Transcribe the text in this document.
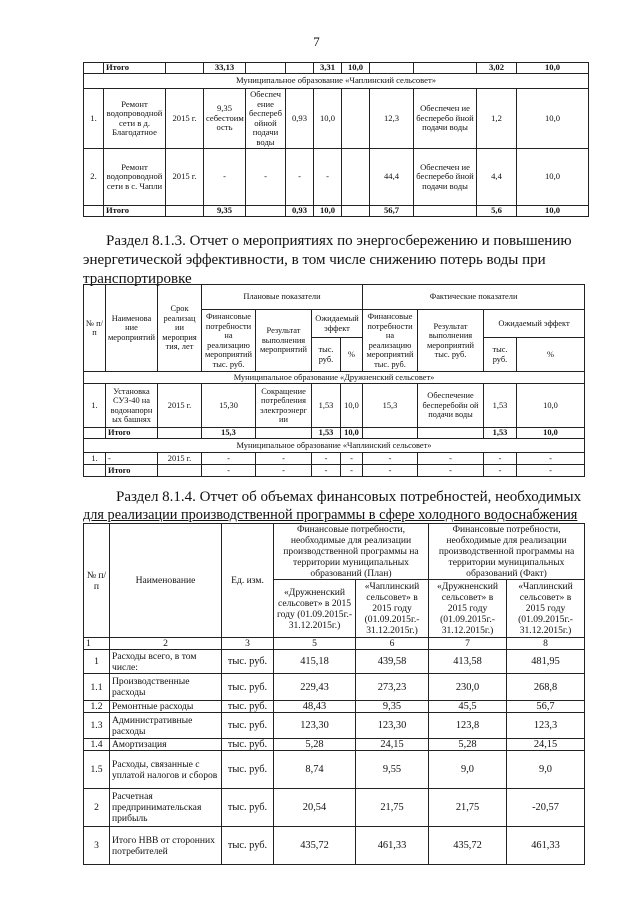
7
	Итого		33,13			3,31	10,0			3,02	10,0
Муниципальное образование «Чаплинский сельсовет»											
1.	Ремонт водопроводной сети в д. Благодатное	2015 г.	9,35 себестоим ость	Обеспеч ение беспереб ойной подачи воды	0,93	10,0		12,3	Обеспечен ие бесперебо йной подачи воды	1,2	10,0
2.	Ремонт водопроводной сети в с. Чапли	2015 г.	-	-	-	-		44,4	Обеспечен ие бесперебо йной подачи воды	4,4	10,0
	Итого		9,35		0,93	10,0		56,7		5,6	10,0
Раздел 8.1.3. Отчет о мероприятиях по энергосбережению и повышению
энергетической эффективности, в том числе снижению потерь воды при
транспортировке
№ п/п	Наименова ние мероприятий	Срок реализац ии мероприя тия, лет	Плановые показатели				Фактические показатели			
			Финансовые потребности на реализацию мероприятий тыс. руб.	Результат выполнения мероприятий	Ожидаемый эффект		Финансовые потребности на реализацию мероприятий тыс. руб.	Результат выполнения мероприятий тыс. руб.	Ожидаемый эффект	
					тыс. руб.	%			тыс. руб.	%
Муниципальное образование «Дружненский сельсовет»										
1.	Установка СУЗ-40 на водонапорн ых башнях	2015 г.	15,30	Сокращение потребления электроэнерг ии	1,53	10,0	15,3	Обеспечение бесперебойн ой подачи воды	1,53	10,0
	Итого		15,3		1,53	10,0			1,53	10,0
Муниципальное образование «Чаплинский сельсовет»										
1.	-	2015 г.	-	-	-	-	-	-	-	-
	Итого		-	-	-	-	-	-	-	-
Раздел 8.1.4. Отчет об объемах финансовых потребностей, необходимых
для реализации производственной программы в сфере холодного водоснабжения
№ п/п	Наименование	Ед. изм.	Финансовые потребности, необходимые для реализации производственной программы на территории муниципальных образований (План)		Финансовые потребности, необходимые для реализации производственной программы на территории муниципальных образований (Факт)	
			«Дружненский сельсовет» в 2015 году (01.09.2015г.- 31.12.2015г.)	«Чаплинский сельсовет» в 2015 году (01.09.2015г.- 31.12.2015г.)	«Дружненский сельсовет» в 2015 году (01.09.2015г.- 31.12.2015г.)	«Чаплинский сельсовет» в 2015 году (01.09.2015г.- 31.12.2015г.)
1	2	3	5	6	7	8
1	Расходы всего, в том числе:	тыс. руб.	415,18	439,58	413,58	481,95
1.1	Производственные расходы	тыс. руб.	229,43	273,23	230,0	268,8
1.2	Ремонтные расходы	тыс. руб.	48,43	9,35	45,5	56,7
1.3	Административные расходы	тыс. руб.	123,30	123,30	123,8	123,3
1.4	Амортизация	тыс. руб.	5,28	24,15	5,28	24,15
1.5	Расходы, связанные с уплатой налогов и сборов	тыс. руб.	8,74	9,55	9,0	9,0
2	Расчетная предпринимательская прибыль	тыс. руб.	20,54	21,75	21,75	-20,57
3	Итого НВВ от сторонних потребителей	тыс. руб.	435,72	461,33	435,72	461,33
